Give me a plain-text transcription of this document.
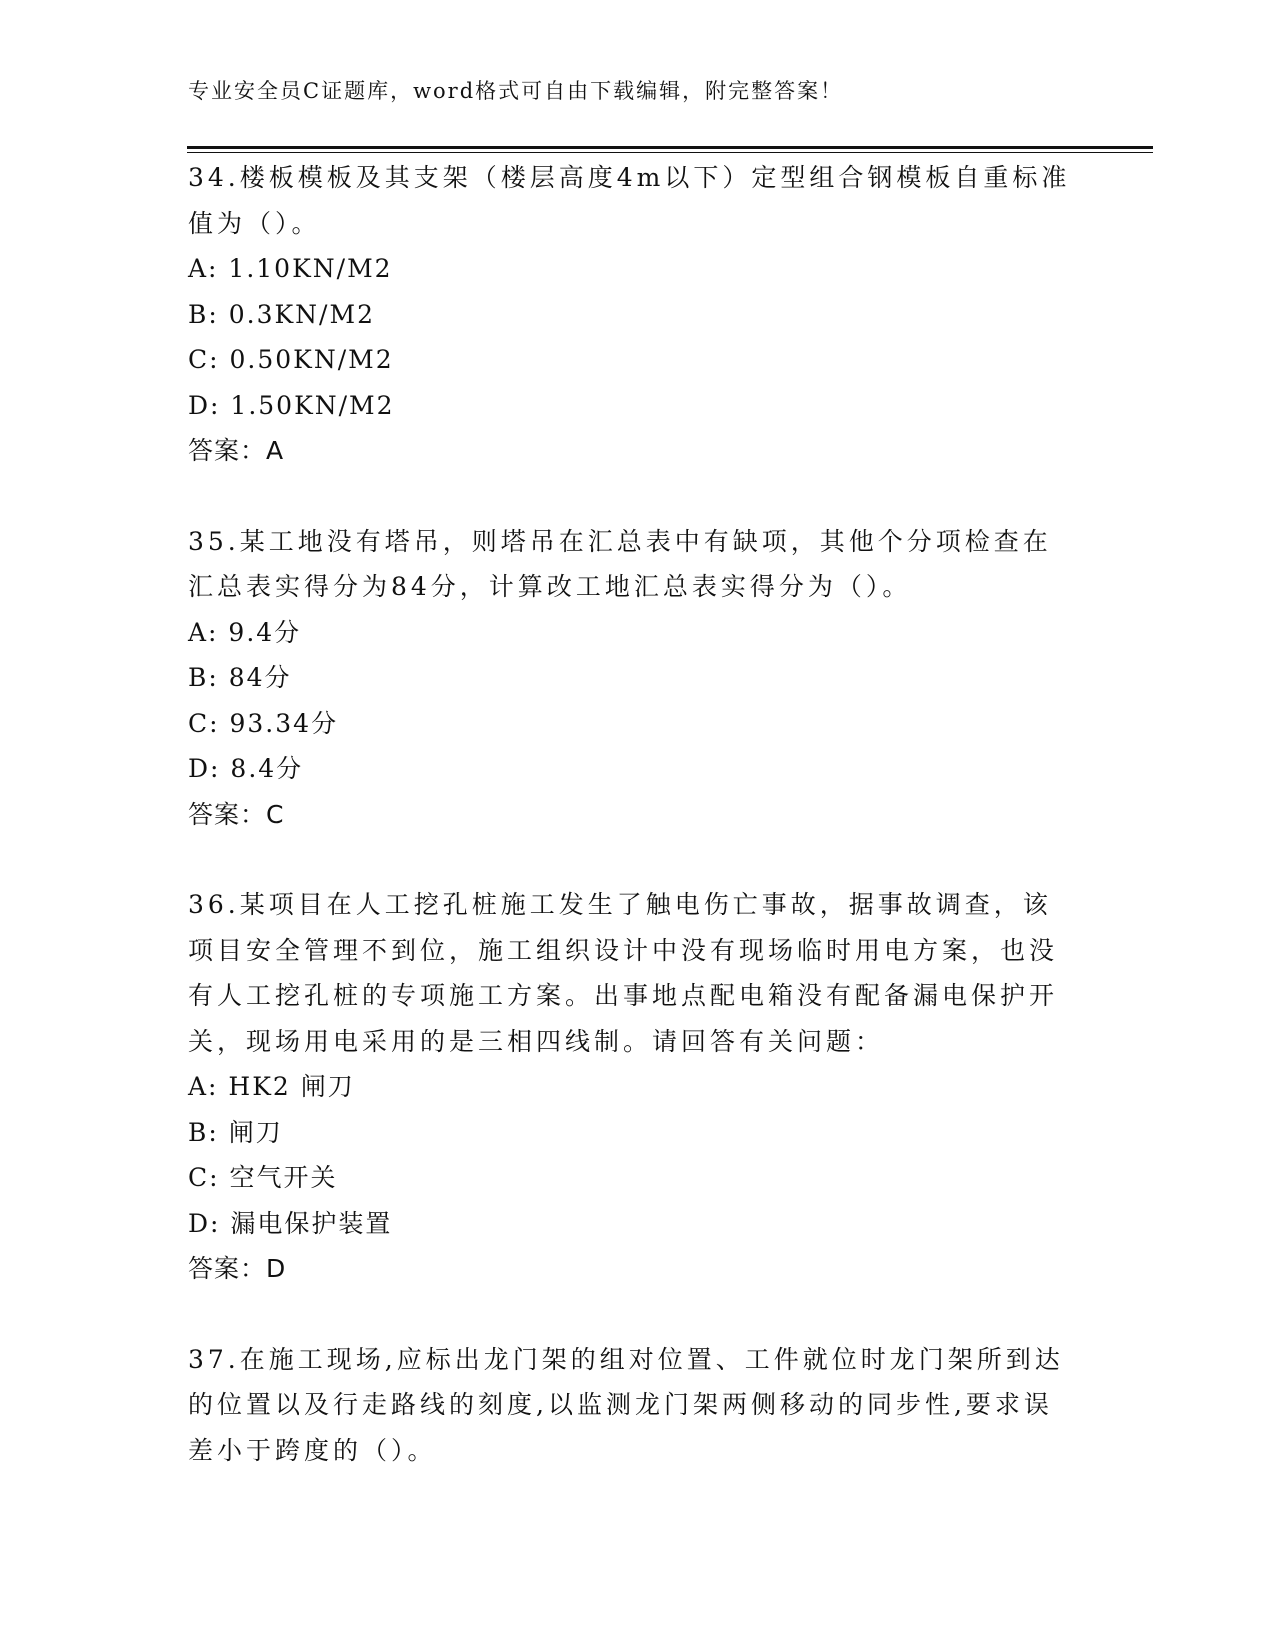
专业安全员C证题库，word格式可自由下载编辑，附完整答案！

34.楼板模板及其支架（楼层高度4m以下）定型组合钢模板自重标准值为（）。

A: 1.10KN/M2

B: 0.3KN/M2

C: 0.50KN/M2

D: 1.50KN/M2

答案：A

35.某工地没有塔吊，则塔吊在汇总表中有缺项，其他个分项检查在汇总表实得分为84分，计算改工地汇总表实得分为（）。

A: 9.4分

B: 84分

C: 93.34分

D: 8.4分

答案：C

36.某项目在人工挖孔桩施工发生了触电伤亡事故，据事故调查，该项目安全管理不到位，施工组织设计中没有现场临时用电方案，也没有人工挖孔桩的专项施工方案。出事地点配电箱没有配备漏电保护开关，现场用电采用的是三相四线制。请回答有关问题：

A: HK2 闸刀

B: 闸刀

C: 空气开关

D: 漏电保护装置

答案：D

37.在施工现场,应标出龙门架的组对位置、工件就位时龙门架所到达的位置以及行走路线的刻度,以监测龙门架两侧移动的同步性,要求误差小于跨度的（）。
